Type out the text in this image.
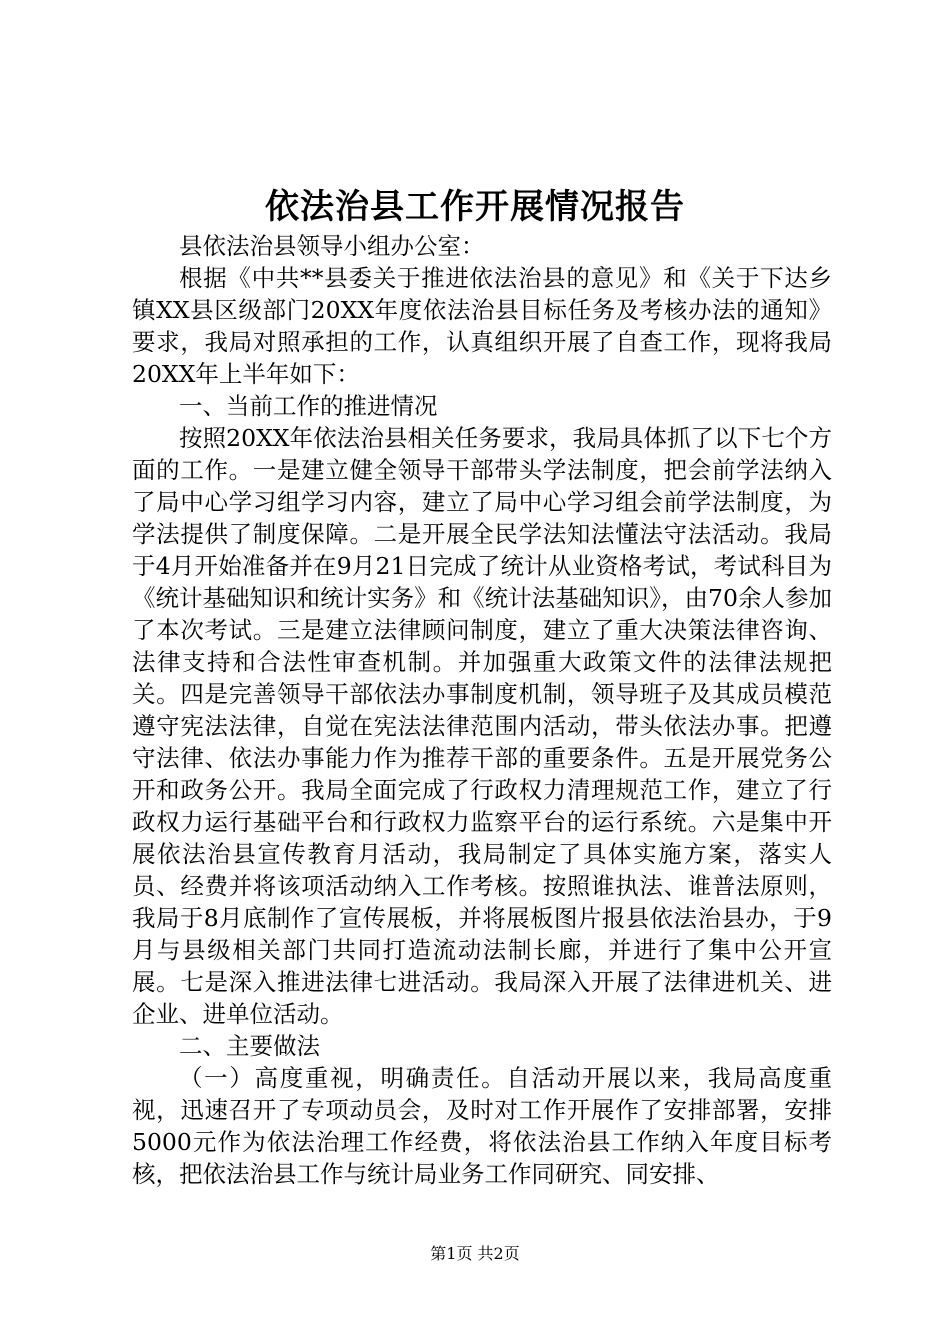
依法治县工作开展情况报告

县依法治县领导小组办公室：

根据《中共**县委关于推进依法治县的意见》和《关于下达乡镇XX县区级部门20XX年度依法治县目标任务及考核办法的通知》要求，我局对照承担的工作，认真组织开展了自查工作，现将我局20XX年上半年如下：

一、当前工作的推进情况

按照20XX年依法治县相关任务要求，我局具体抓了以下七个方面的工作。一是建立健全领导干部带头学法制度，把会前学法纳入了局中心学习组学习内容，建立了局中心学习组会前学法制度，为学法提供了制度保障。二是开展全民学法知法懂法守法活动。我局于4月开始准备并在9月21日完成了统计从业资格考试，考试科目为《统计基础知识和统计实务》和《统计法基础知识》，由70余人参加了本次考试。三是建立法律顾问制度，建立了重大决策法律咨询、法律支持和合法性审查机制。并加强重大政策文件的法律法规把关。四是完善领导干部依法办事制度机制，领导班子及其成员模范遵守宪法法律，自觉在宪法法律范围内活动，带头依法办事。把遵守法律、依法办事能力作为推荐干部的重要条件。五是开展党务公开和政务公开。我局全面完成了行政权力清理规范工作，建立了行政权力运行基础平台和行政权力监察平台的运行系统。六是集中开展依法治县宣传教育月活动，我局制定了具体实施方案，落实人员、经费并将该项活动纳入工作考核。按照谁执法、谁普法原则，我局于8月底制作了宣传展板，并将展板图片报县依法治县办，于9月与县级相关部门共同打造流动法制长廊，并进行了集中公开宣展。七是深入推进法律七进活动。我局深入开展了法律进机关、进企业、进单位活动。

二、主要做法

（一）高度重视，明确责任。自活动开展以来，我局高度重视，迅速召开了专项动员会，及时对工作开展作了安排部署，安排5000元作为依法治理工作经费，将依法治县工作纳入年度目标考核，把依法治县工作与统计局业务工作同研究、同安排、

第1页 共2页
